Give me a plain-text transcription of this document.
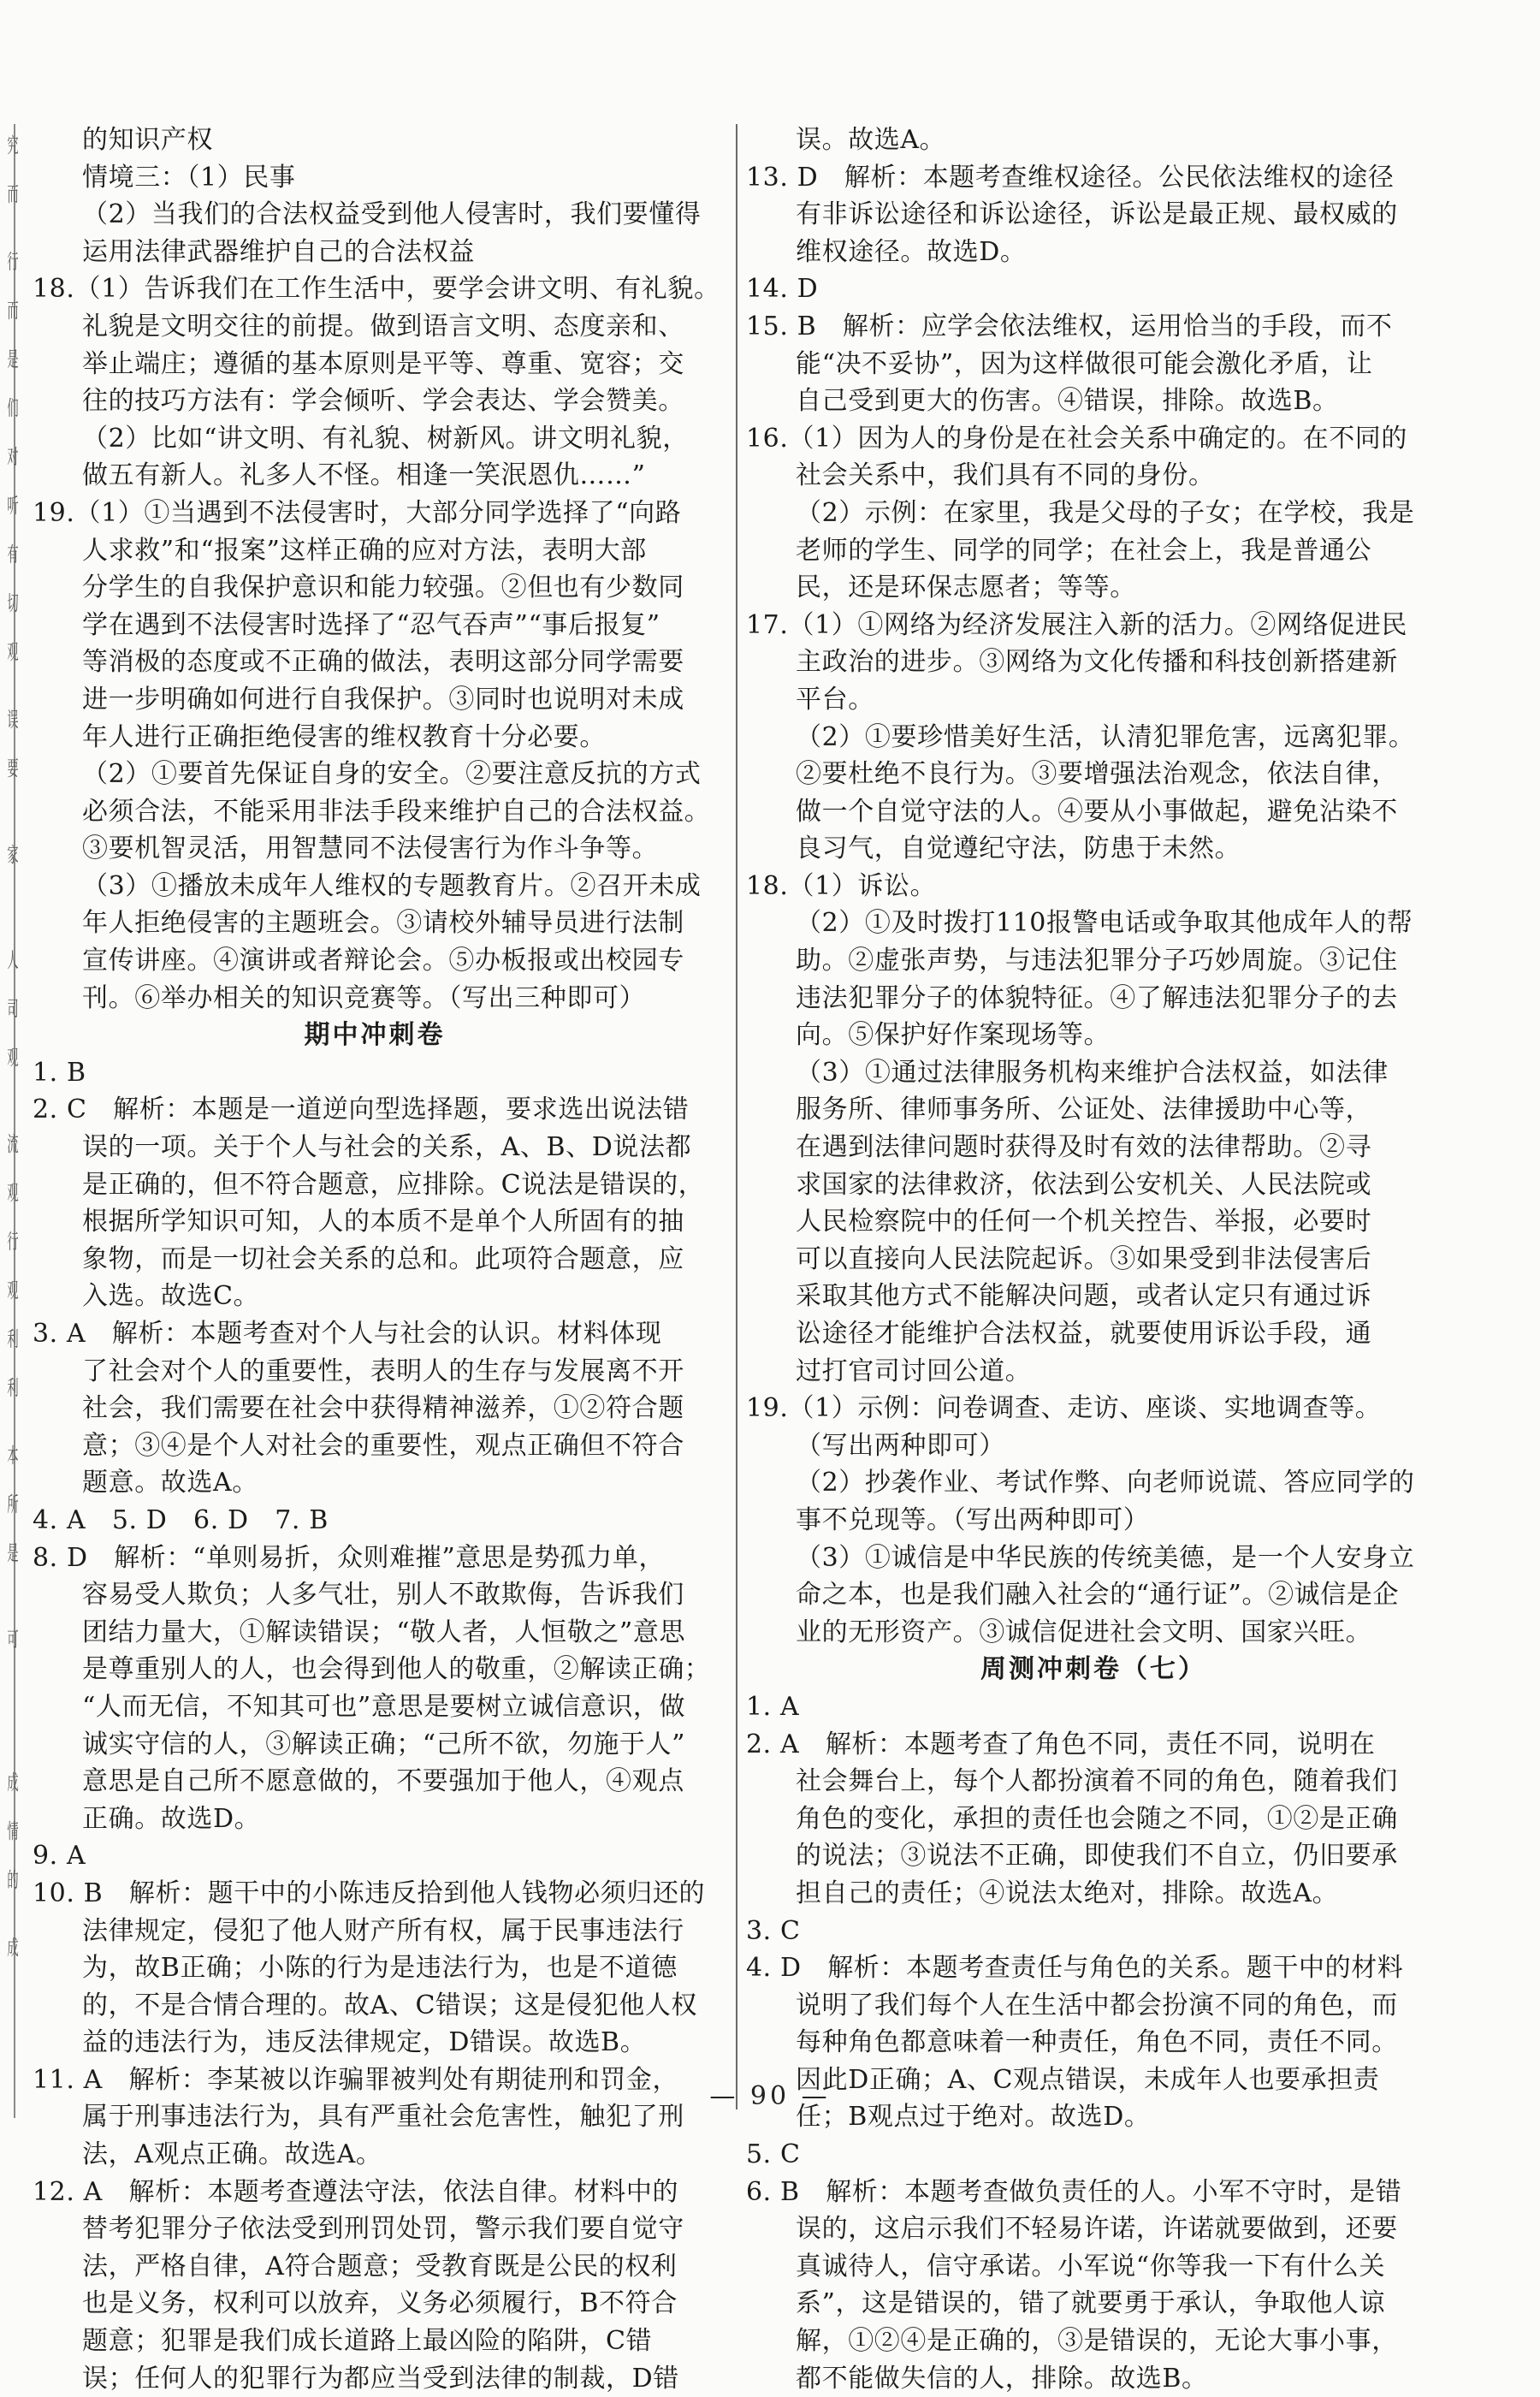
究
而
行
而
是
们
对
听
有
切
观
误
要
家
人
司
观
流
观
行
观
利
利
本
所
是
可
成
情
的
成
的知识产权
情境三：（1）民事
（2）当我们的合法权益受到他人侵害时，我们要懂得
运用法律武器维护自己的合法权益
18.（1）告诉我们在工作生活中，要学会讲文明、有礼貌。
礼貌是文明交往的前提。做到语言文明、态度亲和、
举止端庄；遵循的基本原则是平等、尊重、宽容；交
往的技巧方法有：学会倾听、学会表达、学会赞美。
（2）比如“讲文明、有礼貌、树新风。讲文明礼貌，
做五有新人。礼多人不怪。相逢一笑泯恩仇……”
19.（1）①当遇到不法侵害时，大部分同学选择了“向路
人求救”和“报案”这样正确的应对方法，表明大部
分学生的自我保护意识和能力较强。②但也有少数同
学在遇到不法侵害时选择了“忍气吞声”“事后报复”
等消极的态度或不正确的做法，表明这部分同学需要
进一步明确如何进行自我保护。③同时也说明对未成
年人进行正确拒绝侵害的维权教育十分必要。
（2）①要首先保证自身的安全。②要注意反抗的方式
必须合法，不能采用非法手段来维护自己的合法权益。
③要机智灵活，用智慧同不法侵害行为作斗争等。
（3）①播放未成年人维权的专题教育片。②召开未成
年人拒绝侵害的主题班会。③请校外辅导员进行法制
宣传讲座。④演讲或者辩论会。⑤办板报或出校园专
刊。⑥举办相关的知识竞赛等。（写出三种即可）
期中冲刺卷
1. B
2. C　解析：本题是一道逆向型选择题，要求选出说法错
误的一项。关于个人与社会的关系，A、B、D说法都
是正确的，但不符合题意，应排除。C说法是错误的，
根据所学知识可知，人的本质不是单个人所固有的抽
象物，而是一切社会关系的总和。此项符合题意，应
入选。故选C。
3. A　解析：本题考查对个人与社会的认识。材料体现
了社会对个人的重要性，表明人的生存与发展离不开
社会，我们需要在社会中获得精神滋养，①②符合题
意；③④是个人对社会的重要性，观点正确但不符合
题意。故选A。
4. A　5. D　6. D　7. B
8. D　解析：“单则易折，众则难摧”意思是势孤力单，
容易受人欺负；人多气壮，别人不敢欺侮，告诉我们
团结力量大，①解读错误；“敬人者，人恒敬之”意思
是尊重别人的人，也会得到他人的敬重，②解读正确；
“人而无信，不知其可也”意思是要树立诚信意识，做
诚实守信的人，③解读正确；“己所不欲，勿施于人”
意思是自己所不愿意做的，不要强加于他人，④观点
正确。故选D。
9. A
10. B　解析：题干中的小陈违反拾到他人钱物必须归还的
法律规定，侵犯了他人财产所有权，属于民事违法行
为，故B正确；小陈的行为是违法行为，也是不道德
的，不是合情合理的。故A、C错误；这是侵犯他人权
益的违法行为，违反法律规定，D错误。故选B。
11. A　解析：李某被以诈骗罪被判处有期徒刑和罚金，
属于刑事违法行为，具有严重社会危害性，触犯了刑
法，A观点正确。故选A。
12. A　解析：本题考查遵法守法，依法自律。材料中的
替考犯罪分子依法受到刑罚处罚，警示我们要自觉守
法，严格自律，A符合题意；受教育既是公民的权利
也是义务，权利可以放弃，义务必须履行，B不符合
题意；犯罪是我们成长道路上最凶险的陷阱，C错
误；任何人的犯罪行为都应当受到法律的制裁，D错
误。故选A。
13. D　解析：本题考查维权途径。公民依法维权的途径
有非诉讼途径和诉讼途径，诉讼是最正规、最权威的
维权途径。故选D。
14. D
15. B　解析：应学会依法维权，运用恰当的手段，而不
能“决不妥协”，因为这样做很可能会激化矛盾，让
自己受到更大的伤害。④错误，排除。故选B。
16.（1）因为人的身份是在社会关系中确定的。在不同的
社会关系中，我们具有不同的身份。
（2）示例：在家里，我是父母的子女；在学校，我是
老师的学生、同学的同学；在社会上，我是普通公
民，还是环保志愿者；等等。
17.（1）①网络为经济发展注入新的活力。②网络促进民
主政治的进步。③网络为文化传播和科技创新搭建新
平台。
（2）①要珍惜美好生活，认清犯罪危害，远离犯罪。
②要杜绝不良行为。③要增强法治观念，依法自律，
做一个自觉守法的人。④要从小事做起，避免沾染不
良习气，自觉遵纪守法，防患于未然。
18.（1）诉讼。
（2）①及时拨打110报警电话或争取其他成年人的帮
助。②虚张声势，与违法犯罪分子巧妙周旋。③记住
违法犯罪分子的体貌特征。④了解违法犯罪分子的去
向。⑤保护好作案现场等。
（3）①通过法律服务机构来维护合法权益，如法律
服务所、律师事务所、公证处、法律援助中心等，
在遇到法律问题时获得及时有效的法律帮助。②寻
求国家的法律救济，依法到公安机关、人民法院或
人民检察院中的任何一个机关控告、举报，必要时
可以直接向人民法院起诉。③如果受到非法侵害后
采取其他方式不能解决问题，或者认定只有通过诉
讼途径才能维护合法权益，就要使用诉讼手段，通
过打官司讨回公道。
19.（1）示例：问卷调查、走访、座谈、实地调查等。
（写出两种即可）
（2）抄袭作业、考试作弊、向老师说谎、答应同学的
事不兑现等。（写出两种即可）
（3）①诚信是中华民族的传统美德，是一个人安身立
命之本，也是我们融入社会的“通行证”。②诚信是企
业的无形资产。③诚信促进社会文明、国家兴旺。
周测冲刺卷（七）
1. A
2. A　解析：本题考查了角色不同，责任不同，说明在
社会舞台上，每个人都扮演着不同的角色，随着我们
角色的变化，承担的责任也会随之不同，①②是正确
的说法；③说法不正确，即使我们不自立，仍旧要承
担自己的责任；④说法太绝对，排除。故选A。
3. C
4. D　解析：本题考查责任与角色的关系。题干中的材料
说明了我们每个人在生活中都会扮演不同的角色，而
每种角色都意味着一种责任，角色不同，责任不同。
因此D正确；A、C观点错误，未成年人也要承担责
任；B观点过于绝对。故选D。
5. C
6. B　解析：本题考查做负责任的人。小军不守时，是错
误的，这启示我们不轻易许诺，许诺就要做到，还要
真诚待人，信守承诺。小军说“你等我一下有什么关
系”，这是错误的，错了就要勇于承认，争取他人谅
解，①②④是正确的，③是错误的，无论大事小事，
都不能做失信的人，排除。故选B。
— 90 —
